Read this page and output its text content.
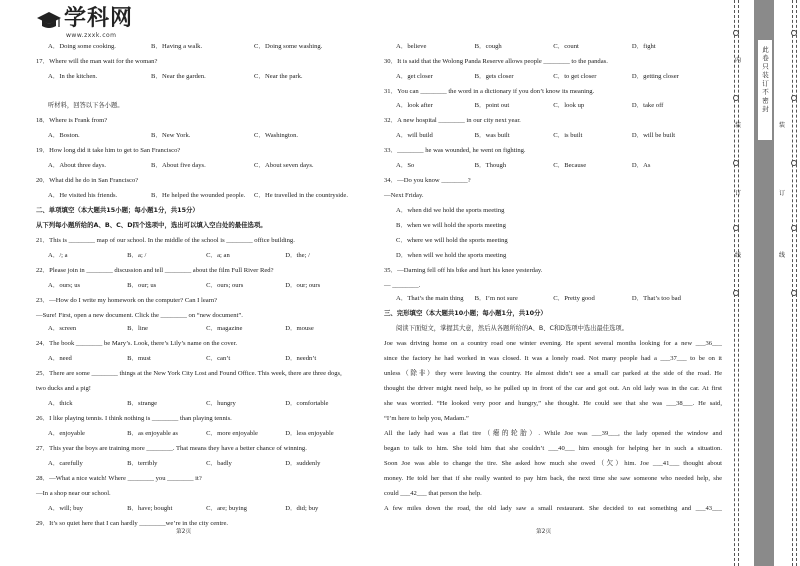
学科网
www.zxxk.com
A．Doing some cooking.	B．Having a walk.	C．Doing some washing.
17．Where will the man wait for the woman?
A．In the kitchen.	B．Near the garden.	C．Near the park.
听材料，回答以下各小题。
18．Where is Frank from?
A．Boston.	B．New York.	C．Washington.
19．How long did it take him to get to San Francisco?
A．About three days.	B．About five days.	C．About seven days.
20．What did he do in San Francisco?
A．He visited his friends.	B．He helped the wounded people. C．He travelled in the countryside.
二、单项填空（本大题共15小题；每小题1分，共15分）
从下列每小题所给的A、B、C、D四个选项中，选出可以填入空白处的最佳选项。
21．This is ________ map of our school. In the middle of the school is ________ office building.
A．/; a	B．a; /	C．a; an	D．the; /
22．Please join in ________ discussion and tell ________ about the film Full River Red?
A．ours; us	B．our; us	C．ours; ours	D．our; ours
23．—How do I write my homework on the computer? Can I learn?
—Sure! First, open a new document. Click the ________ on “new document”.
A．screen	B．line	C．magazine	D．mouse
24．The book ________ be Mary’s. Look, there’s Lily’s name on the cover.
A．need	B．must	C．can’t	D．needn’t
25．There are some ________ things at the New York City Lost and Found Office. This week, there are three dogs,
two ducks and a pig!
A．thick	B．strange	C．hungry	D．comfortable
26．I like playing tennis. I think nothing is ________ than playing tennis.
A．enjoyable	B．as enjoyable as	C．more enjoyable	D．less enjoyable
27．This year the boys are training more ________. That means they have a better chance of winning.
A．carefully	B．terribly	C．badly	D．suddenly
28．—What a nice watch! Where ________ you ________ it?
—In a shop near our school.
A．will; buy	B．have; bought	C．are; buying	D．did; buy
29．It’s so quiet here that I can hardly ________we’re in the city centre.
A．believe	B．cough	C．count	D．fight
30．It is said that the Wolong Panda Reserve allows people ________ to the pandas.
A．get closer	B．gets closer	C．to get closer	D．getting closer
31．You can ________ the word in a dictionary if you don’t know its meaning.
A．look after	B．point out	C．look up	D．take off
32．A new hospital ________ in our city next year.
A．will build	B．was built	C．is built	D．will be built
33．________ he was wounded, he went on fighting.
A．So	B．Though	C．Because	D．As
34．—Do you know ________?
—Next Friday.
A．when did we hold the sports meeting
B．when we will hold the sports meeting
C．where we will hold the sports meeting
D．when will we hold the sports meeting
35．—Darning fell off his bike and hurt his knee yesterday.
— ________.
A．That’s the main thing B．I’m not sure	C．Pretty good	D．That’s too bad
三、完形填空（本大题共10小题；每小题1分，共10分）
阅读下面短文，掌握其大意，然后从各题所给的A、B、C和D选项中选出最佳选项。
Joe was driving home on a country road one winter evening. He spent several months looking for a new ___36___
since the factory he had worked in was closed. It was a lonely road. Not many people had a ___37___ to be on it
unless（除非）they were leaving the country. He almost didn’t see a small car parked at the side of the road. He
thought the driver might need help, so he pulled up in front of the car and got out. An old lady was in the car. At first
she was worried. “He looked very poor and hungry,” she thought. He could see that she was ___38___. He said,
“I’m here to help you, Madam.”
All the lady had was a flat tire（瘪的轮胎）. While Joe was ___39___, the lady opened the window and
began to talk to him. She told him that she couldn’t ___40___ him enough for helping her in such a situation.
Soon Joe was able to change the tire. She asked how much she owed（欠）him. Joe ___41___ thought about
money. He told her that if she really wanted to pay him back, the next time she saw someone who needed help, she
could ___42___ that person the help.
A few miles down the road, the old lady saw a small restaurant. She decided to eat something and ___43___
第2页	第2页
此卷只装订不密封
内
装
订
线
装
订
线
